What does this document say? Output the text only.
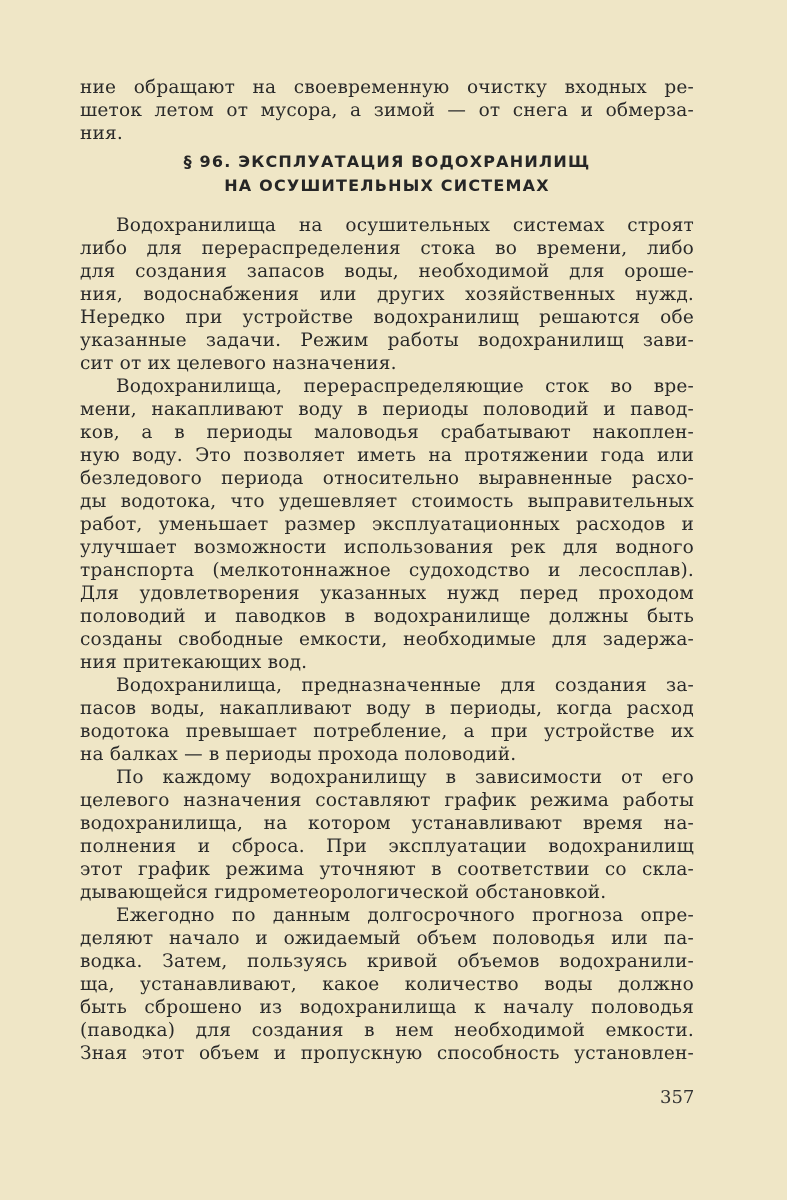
ние обращают на своевременную очистку входных ре-
шеток летом от мусора, а зимой — от снега и обмерза-
ния.
§ 96. ЭКСПЛУАТАЦИЯ ВОДОХРАНИЛИЩ
НА ОСУШИТЕЛЬНЫХ СИСТЕМАХ
Водохранилища на осушительных системах строят
либо для перераспределения стока во времени, либо
для создания запасов воды, необходимой для ороше-
ния, водоснабжения или других хозяйственных нужд.
Нередко при устройстве водохранилищ решаются обе
указанные задачи. Режим работы водохранилищ зави-
сит от их целевого назначения.
Водохранилища, перераспределяющие сток во вре-
мени, накапливают воду в периоды половодий и павод-
ков, а в периоды маловодья срабатывают накоплен-
ную воду. Это позволяет иметь на протяжении года или
безледового периода относительно выравненные расхо-
ды водотока, что удешевляет стоимость выправительных
работ, уменьшает размер эксплуатационных расходов и
улучшает возможности использования рек для водного
транспорта (мелкотоннажное судоходство и лесосплав).
Для удовлетворения указанных нужд перед проходом
половодий и паводков в водохранилище должны быть
созданы свободные емкости, необходимые для задержа-
ния притекающих вод.
Водохранилища, предназначенные для создания за-
пасов воды, накапливают воду в периоды, когда расход
водотока превышает потребление, а при устройстве их
на балках — в периоды прохода половодий.
По каждому водохранилищу в зависимости от его
целевого назначения составляют график режима работы
водохранилища, на котором устанавливают время на-
полнения и сброса. При эксплуатации водохранилищ
этот график режима уточняют в соответствии со скла-
дывающейся гидрометеорологической обстановкой.
Ежегодно по данным долгосрочного прогноза опре-
деляют начало и ожидаемый объем половодья или па-
водка. Затем, пользуясь кривой объемов водохранили-
ща, устанавливают, какое количество воды должно
быть сброшено из водохранилища к началу половодья
(паводка) для создания в нем необходимой емкости.
Зная этот объем и пропускную способность установлен-
357
